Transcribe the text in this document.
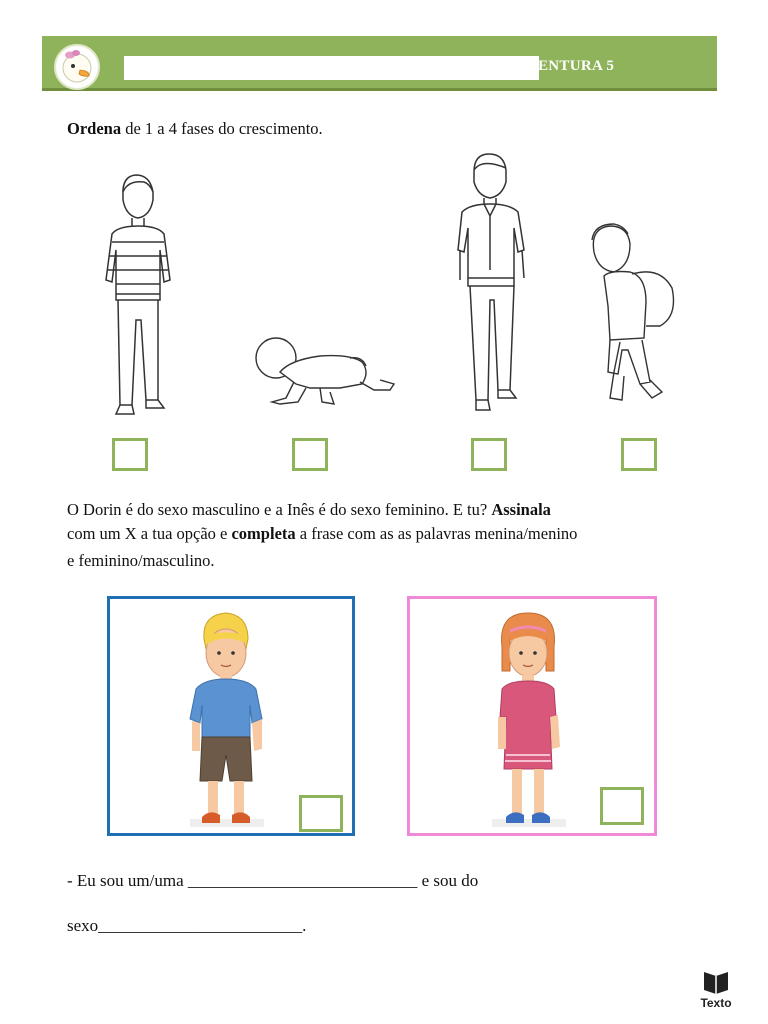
ENTURA 5
Ordena de 1 a 4 fases do crescimento.
O Dorin é do sexo masculino e a Inês é do sexo feminino. E tu? Assinala
com um X a tua opção e completa a frase com as as palavras menina/menino
e feminino/masculino.
- Eu sou um/uma ___________________________ e sou do
sexo________________________.
Texto
